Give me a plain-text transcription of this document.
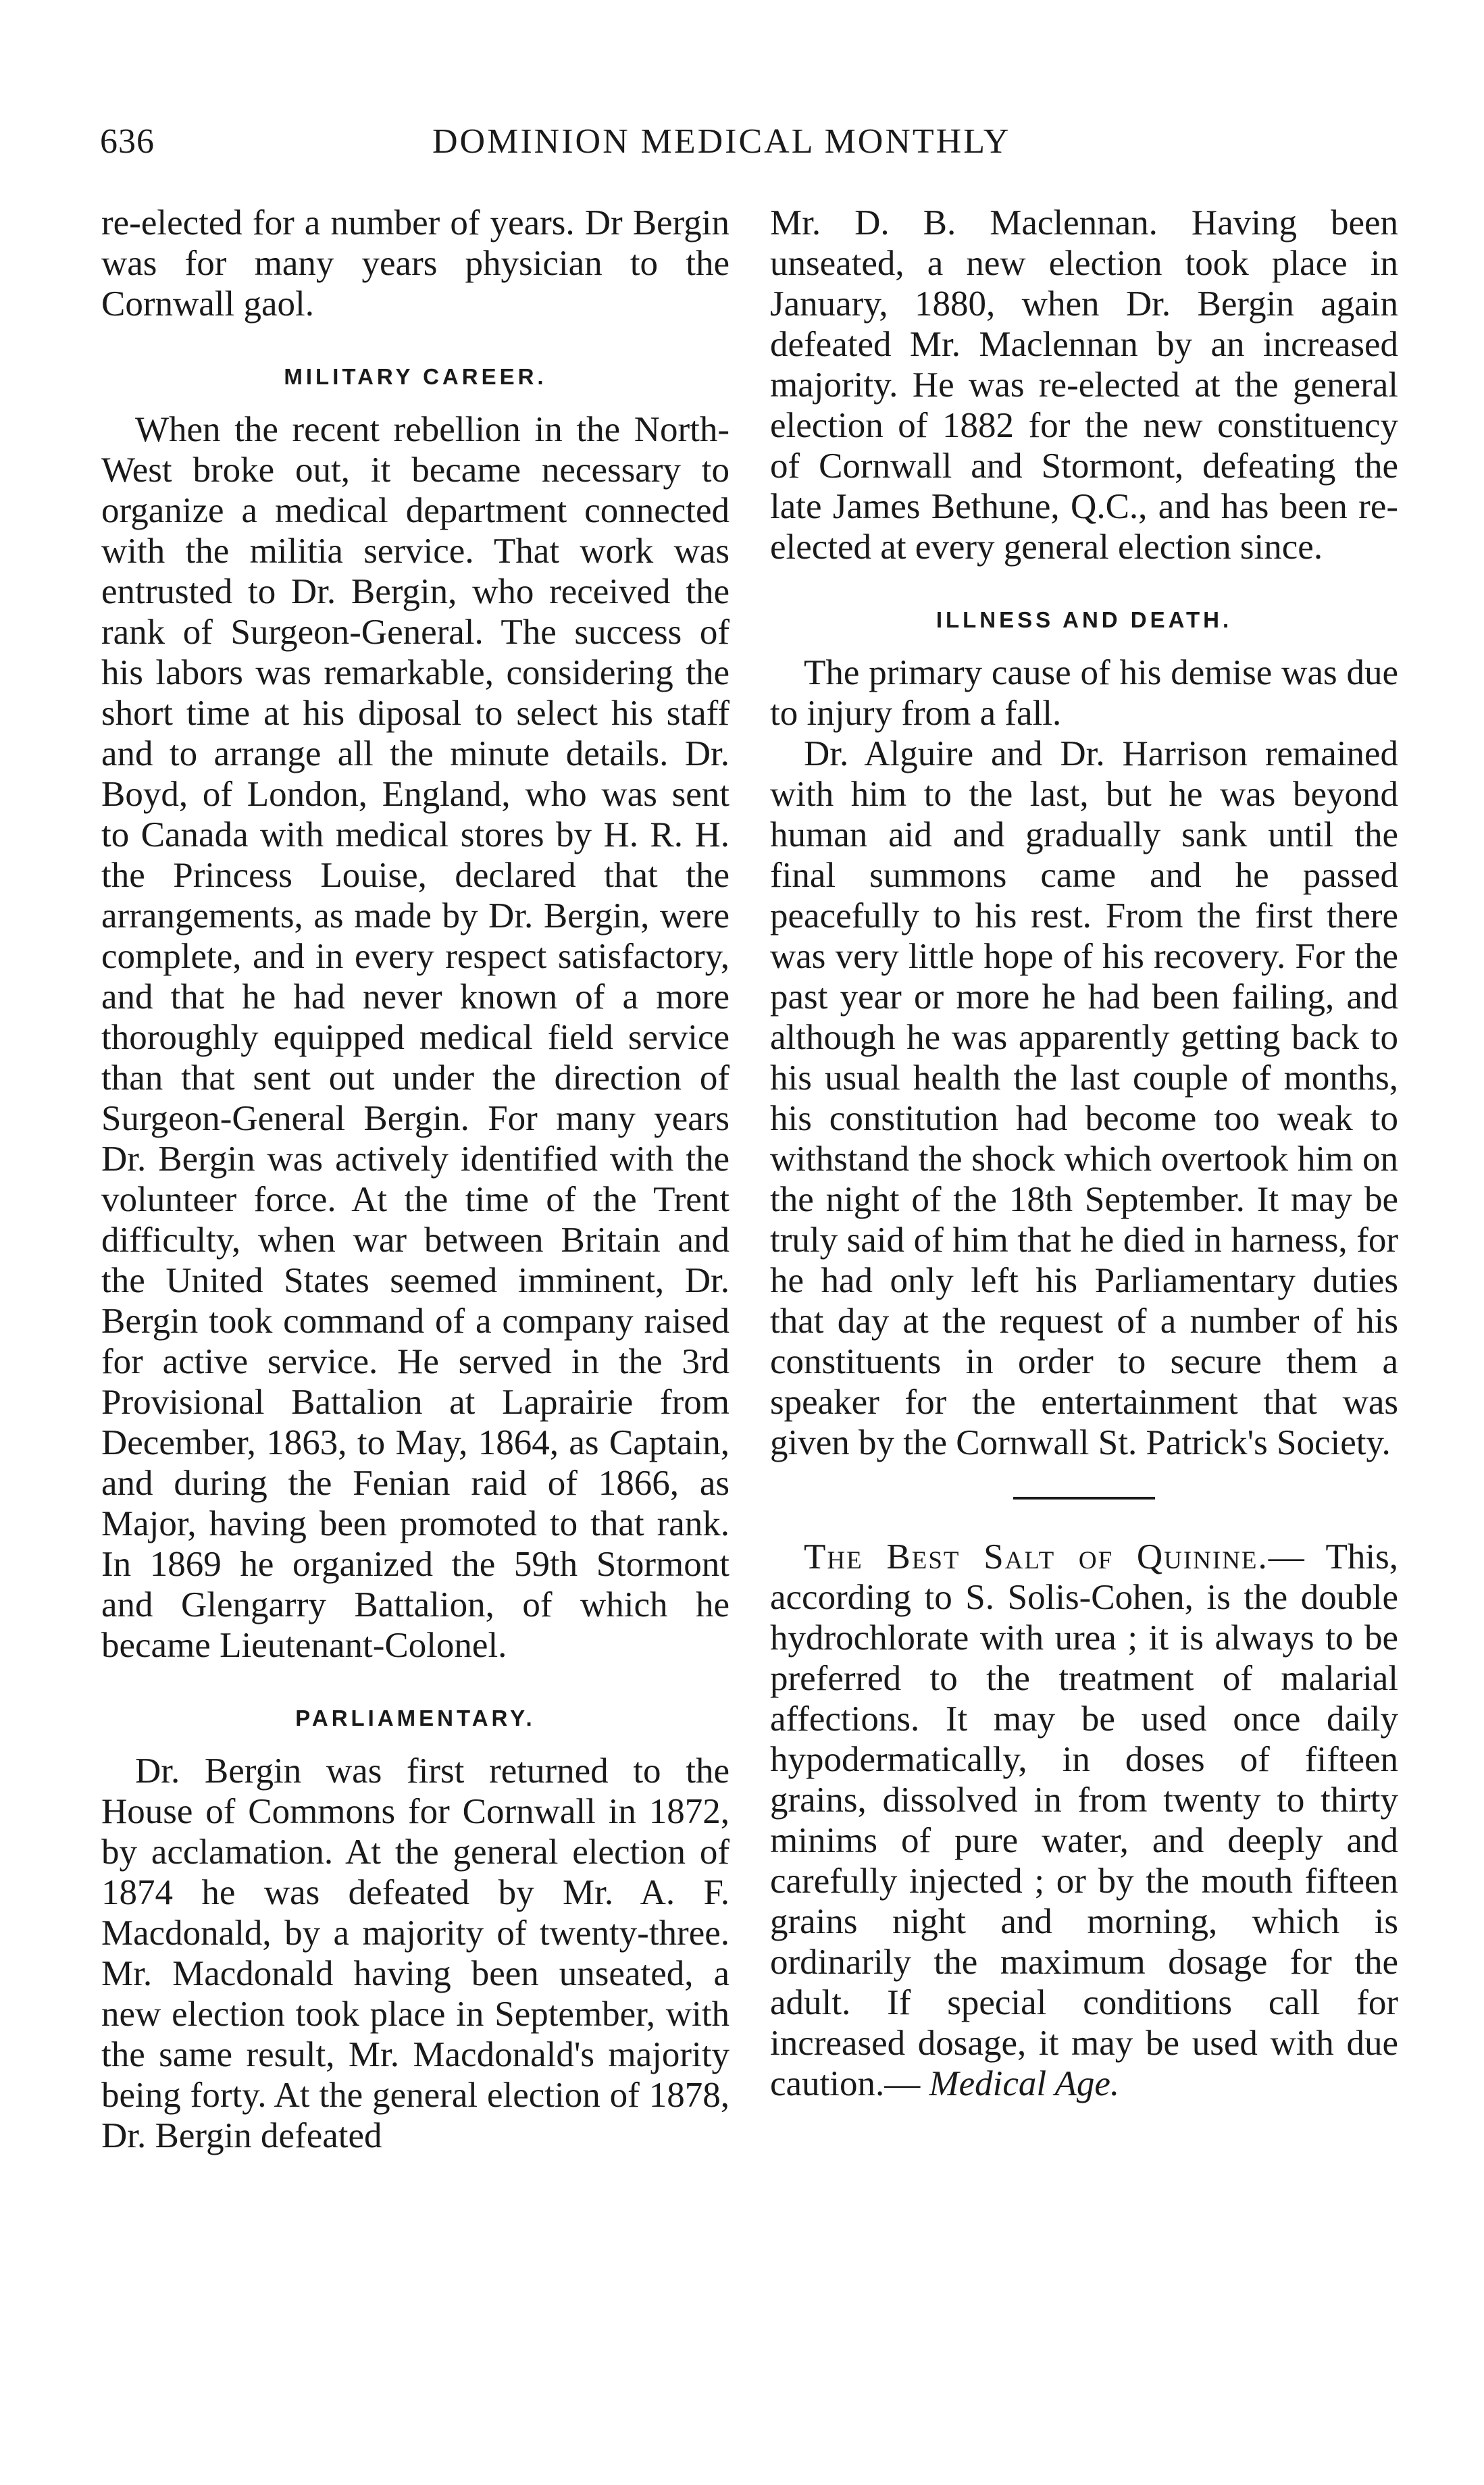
636	DOMINION MEDICAL MONTHLY

re-elected for a number of years. Dr Bergin was for many years physician to the Cornwall gaol.

MILITARY CAREER.

When the recent rebellion in the North-West broke out, it became necessary to organize a medical department connected with the militia service. That work was entrusted to Dr. Bergin, who received the rank of Surgeon-General. The success of his labors was remarkable, considering the short time at his diposal to select his staff and to arrange all the minute details. Dr. Boyd, of London, England, who was sent to Canada with medical stores by H. R. H. the Princess Louise, declared that the arrangements, as made by Dr. Bergin, were complete, and in every respect satisfactory, and that he had never known of a more thoroughly equipped medical field service than that sent out under the direction of Surgeon-General Bergin. For many years Dr. Bergin was actively identified with the volunteer force. At the time of the Trent difficulty, when war between Britain and the United States seemed imminent, Dr. Bergin took command of a company raised for active service. He served in the 3rd Provisional Battalion at Laprairie from December, 1863, to May, 1864, as Captain, and during the Fenian raid of 1866, as Major, having been promoted to that rank. In 1869 he organized the 59th Stormont and Glengarry Battalion, of which he became Lieutenant-Colonel.

PARLIAMENTARY.

Dr. Bergin was first returned to the House of Commons for Cornwall in 1872, by acclamation. At the general election of 1874 he was defeated by Mr. A. F. Macdonald, by a majority of twenty-three. Mr. Macdonald having been unseated, a new election took place in September, with the same result, Mr. Macdonald's majority being forty. At the general election of 1878, Dr. Bergin defeated

Mr. D. B. Maclennan. Having been unseated, a new election took place in January, 1880, when Dr. Bergin again defeated Mr. Maclennan by an increased majority. He was re-elected at the general election of 1882 for the new constituency of Cornwall and Stormont, defeating the late James Bethune, Q.C., and has been re-elected at every general election since.

ILLNESS AND DEATH.

The primary cause of his demise was due to injury from a fall.

Dr. Alguire and Dr. Harrison remained with him to the last, but he was beyond human aid and gradually sank until the final summons came and he passed peacefully to his rest. From the first there was very little hope of his recovery. For the past year or more he had been failing, and although he was apparently getting back to his usual health the last couple of months, his constitution had become too weak to withstand the shock which overtook him on the night of the 18th September. It may be truly said of him that he died in harness, for he had only left his Parliamentary duties that day at the request of a number of his constituents in order to secure them a speaker for the entertainment that was given by the Cornwall St. Patrick's Society.

The Best Salt of Quinine.— This, according to S. Solis-Cohen, is the double hydrochlorate with urea ; it is always to be preferred to the treatment of malarial affections. It may be used once daily hypodermatically, in doses of fifteen grains, dissolved in from twenty to thirty minims of pure water, and deeply and carefully injected ; or by the mouth fifteen grains night and morning, which is ordinarily the maximum dosage for the adult. If special conditions call for increased dosage, it may be used with due caution.— Medical Age.
